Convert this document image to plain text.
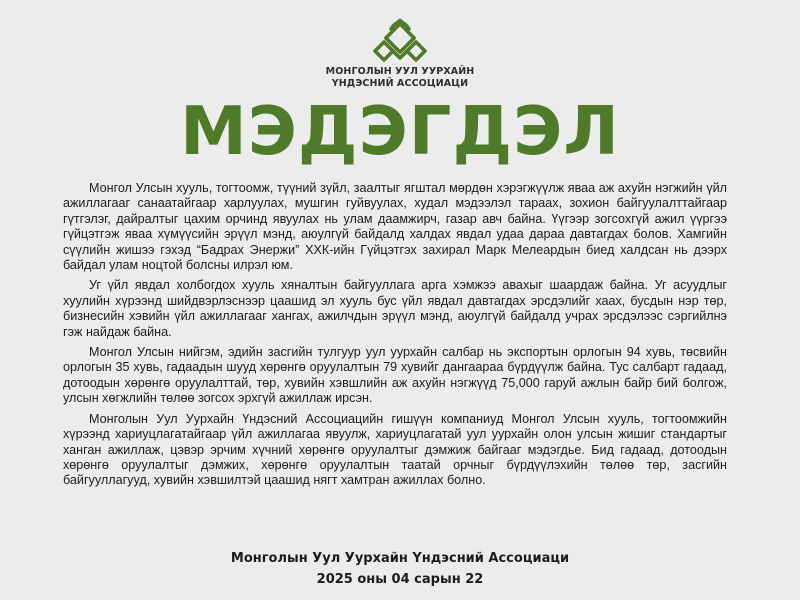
МОНГОЛЫН УУЛ УУРХАЙН
ҮНДЭСНИЙ АССОЦИАЦИ
МЭДЭГДЭЛ

Монгол Улсын хууль, тогтоомж, түүний зүйл, заалтыг ягштал мөрдөн хэрэгжүүлж яваа аж ахуйн нэгжийн үйл ажиллагааг санаатайгаар харлуулах, мушгин гуйвуулах, худал мэдээлэл тараах, зохион байгуулалттайгаар гүтгэлэг, дайралтыг цахим орчинд явуулах нь улам даамжирч, газар авч байна. Үүгээр зогсохгүй ажил үүргээ гүйцэтгэж яваа хүмүүсийн эрүүл мэнд, аюулгүй байдалд халдах явдал удаа дараа давтагдах болов. Хамгийн сүүлийн жишээ гэхэд “Бадрах Энержи” ХХК-ийн Гүйцэтгэх захирал Марк Мелеардын биед халдсан нь дээрх байдал улам ноцтой болсны илрэл юм.

Уг үйл явдал холбогдох хууль хяналтын байгууллага арга хэмжээ авахыг шаардаж байна. Уг асуудлыг хуулийн хүрээнд шийдвэрлэснээр цаашид эл хууль бус үйл явдал давтагдах эрсдэлийг хаах, бусдын нэр төр, бизнесийн хэвийн үйл ажиллагааг хангах, ажилчдын эрүүл мэнд, аюулгүй байдалд учрах эрсдэлээс сэргийлнэ гэж найдаж байна.

Монгол Улсын нийгэм, эдийн засгийн тулгуур уул уурхайн салбар нь экспортын орлогын 94 хувь, төсвийн орлогын 35 хувь, гадаадын шууд хөрөнгө оруулалтын 79 хувийг дангаараа бүрдүүлж байна. Тус салбарт гадаад, дотоодын хөрөнгө оруулалттай, төр, хувийн хэвшлийн аж ахуйн нэгжүүд 75,000 гаруй ажлын байр бий болгож, улсын хөгжлийн төлөө зогсох эрхгүй ажиллаж ирсэн.

Монголын Уул Уурхайн Үндэсний Ассоциацийн гишүүн компаниуд Монгол Улсын хууль, тогтоомжийн хүрээнд хариуцлагатайгаар үйл ажиллагаа явуулж, хариуцлагатай уул уурхайн олон улсын жишиг стандартыг ханган ажиллаж, цэвэр эрчим хүчний хөрөнгө оруулалтыг дэмжиж байгааг мэдэгдье. Бид гадаад, дотоодын хөрөнгө оруулалтыг дэмжих, хөрөнгө оруулалтын таатай орчныг бүрдүүлэхийн төлөө төр, засгийн байгууллагууд, хувийн хэвшилтэй цаашид нягт хамтран ажиллах болно.

Монголын Уул Уурхайн Үндэсний Ассоциаци
2025 оны 04 сарын 22
